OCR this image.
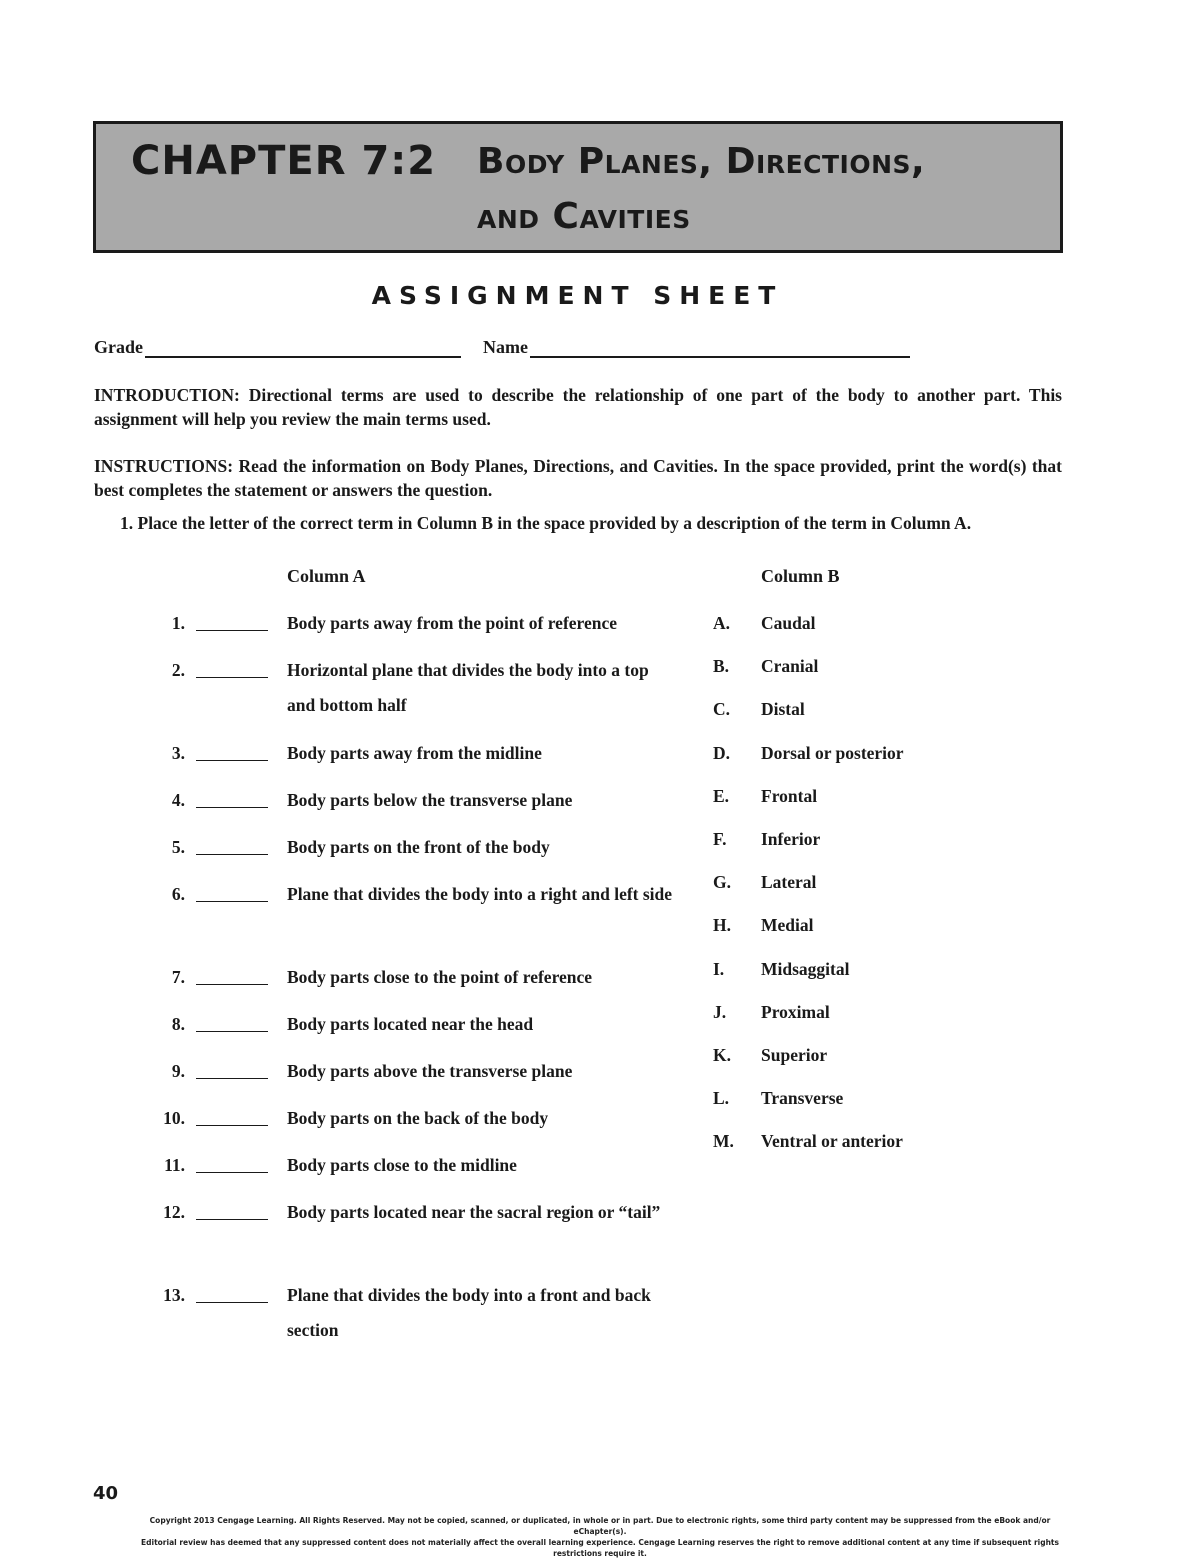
CHAPTER 7:2 Body Planes, Directions,
and Cavities
ASSIGNMENT SHEET
Grade	Name
INTRODUCTION: Directional terms are used to describe the relationship of one part of the body to another part. This assignment will help you review the main terms used.
INSTRUCTIONS: Read the information on Body Planes, Directions, and Cavities. In the space provided, print the word(s) that best completes the statement or answers the question.
1. Place the letter of the correct term in Column B in the space provided by a description of the term in Column A.
Column A	Column B
1.	Body parts away from the point of reference
2.	Horizontal plane that divides the body into a top and bottom half
3.	Body parts away from the midline
4.	Body parts below the transverse plane
5.	Body parts on the front of the body
6.	Plane that divides the body into a right and left side
7.	Body parts close to the point of reference
8.	Body parts located near the head
9.	Body parts above the transverse plane
10.	Body parts on the back of the body
11.	Body parts close to the midline
12.	Body parts located near the sacral region or “tail”
13.	Plane that divides the body into a front and back section
A. Caudal
B. Cranial
C. Distal
D. Dorsal or posterior
E. Frontal
F. Inferior
G. Lateral
H. Medial
I. Midsaggital
J. Proximal
K. Superior
L. Transverse
M. Ventral or anterior
40
Copyright 2013 Cengage Learning. All Rights Reserved. May not be copied, scanned, or duplicated, in whole or in part. Due to electronic rights, some third party content may be suppressed from the eBook and/or eChapter(s).
Editorial review has deemed that any suppressed content does not materially affect the overall learning experience. Cengage Learning reserves the right to remove additional content at any time if subsequent rights restrictions require it.
